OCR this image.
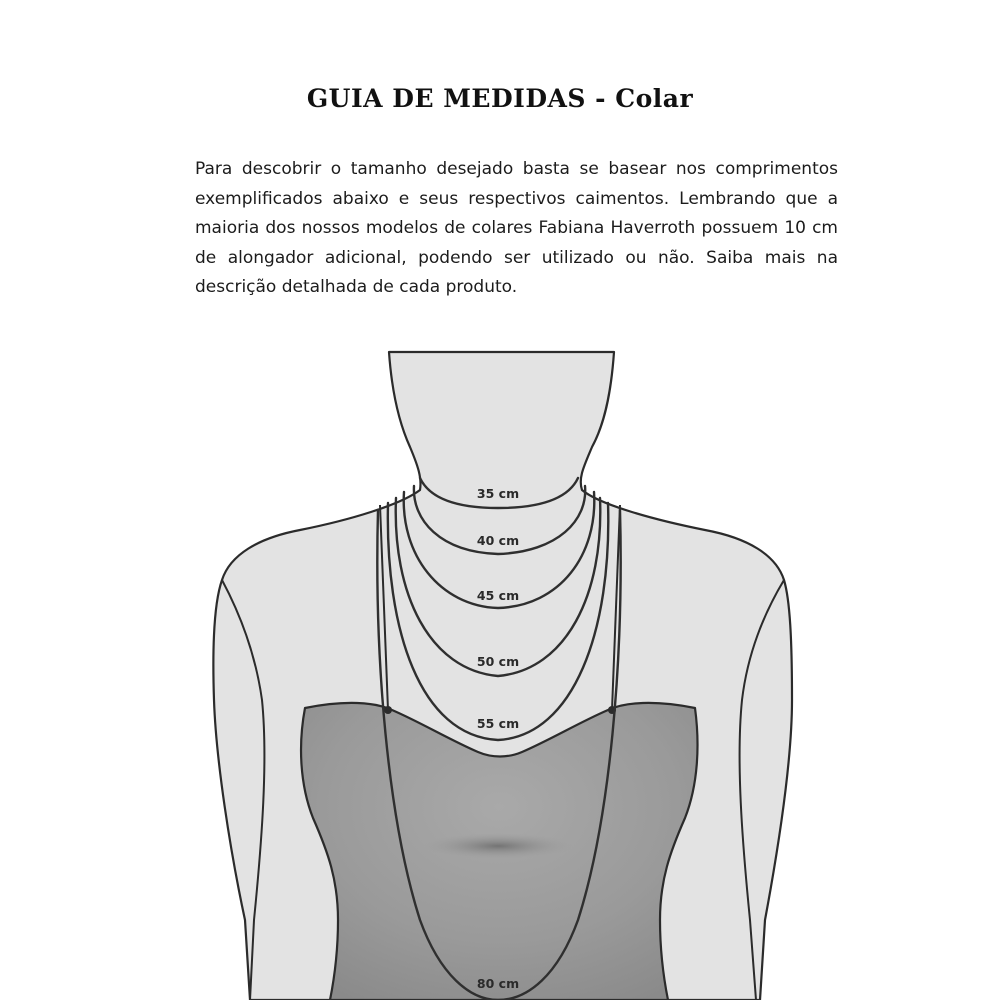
GUIA DE MEDIDAS - Colar

Para descobrir o tamanho desejado basta se basear nos comprimentos exemplificados abaixo e seus respectivos caimentos. Lembrando que a maioria dos nossos modelos de colares Fabiana Haverroth possuem 10 cm de alongador adicional, podendo ser utilizado ou não. Saiba mais na descrição detalhada de cada produto.

35 cm
40 cm
45 cm
50 cm
55 cm
80 cm
